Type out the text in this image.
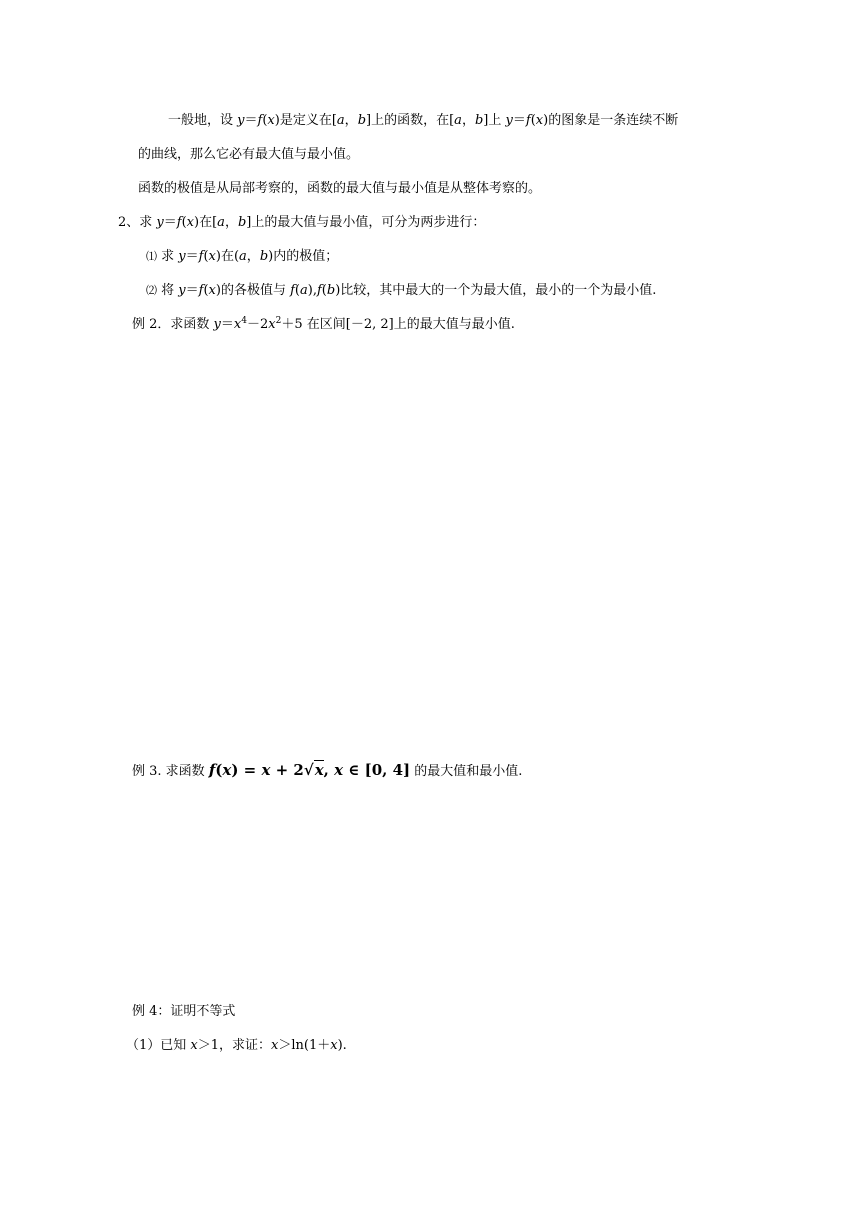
一般地，设 y＝f(x)是定义在[a，b]上的函数，在[a，b]上 y＝f(x)的图象是一条连续不断
的曲线，那么它必有最大值与最小值。
函数的极值是从局部考察的，函数的最大值与最小值是从整体考察的。
2、求 y＝f(x)在[a，b]上的最大值与最小值，可分为两步进行：
⑴ 求 y＝f(x)在(a，b)内的极值；
⑵ 将 y＝f(x)的各极值与 f(a),f(b)比较，其中最大的一个为最大值，最小的一个为最小值.
例 2．求函数 $y=x^4-2x^2+5$ 在区间[－2, 2]上的最大值与最小值.
例 3. 求函数 f(x) = x + 2√x, x ∈ [0, 4] 的最大值和最小值.
例 4：证明不等式
（1）已知 x＞1，求证：x＞ln(1＋x).
